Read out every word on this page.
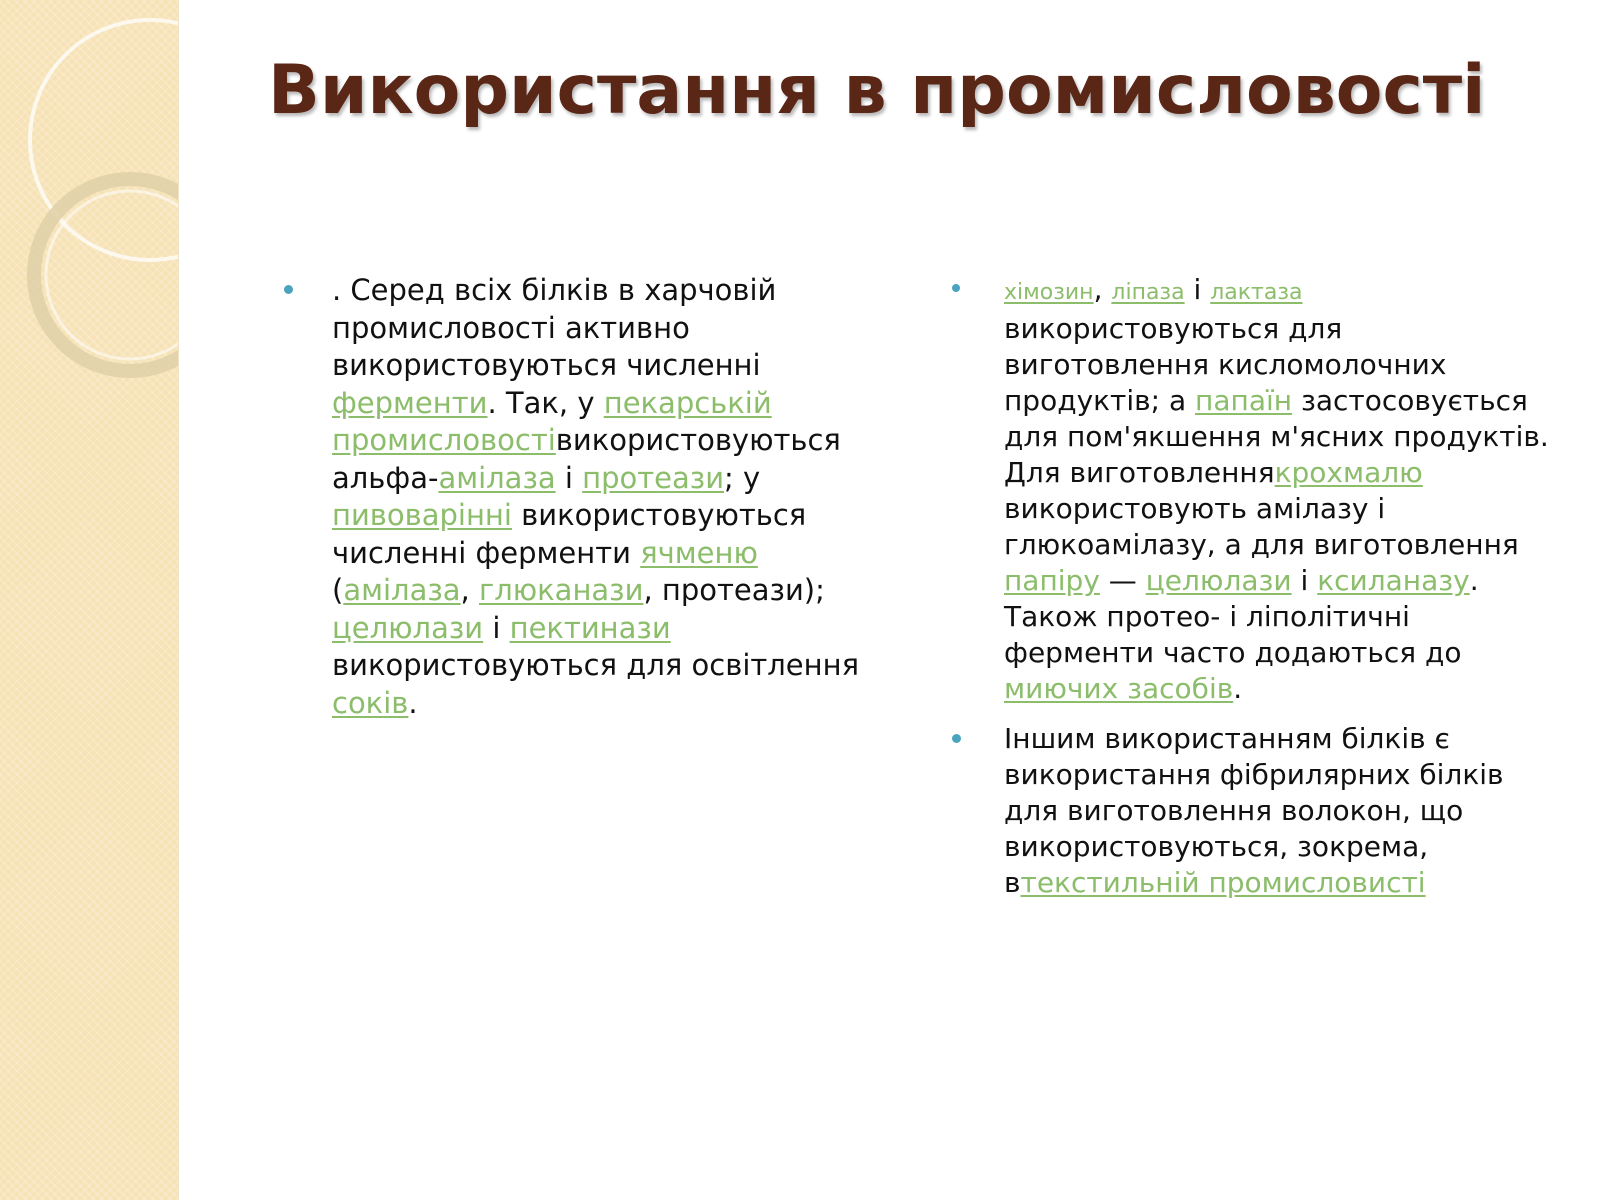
Використання в промисловості
. Серед всіх білків в харчовій промисловості активно використовуються численні ферменти. Так, у пекарській промисловостівикористовуються альфа-амілаза і протеази; у пивоварінні використовуються численні ферменти ячменю (амілаза, глюканази, протеази); целюлази і пектинази використовуються для освітлення соків.
хімозин, ліпаза і лактаза використовуються для виготовлення кисломолочних продуктів; а папаїн застосовується для пом'якшення м'ясних продуктів. Для виготовленнякрохмалю використовують амілазу і глюкоамілазу, а для виготовлення папіру — целюлази і ксиланазу. Також протео- і ліполітичні ферменти часто додаються до миючих засобів.
Іншим використанням білків є використання фібрилярних білків для виготовлення волокон, що використовуються, зокрема, втекстильній промисловисті
